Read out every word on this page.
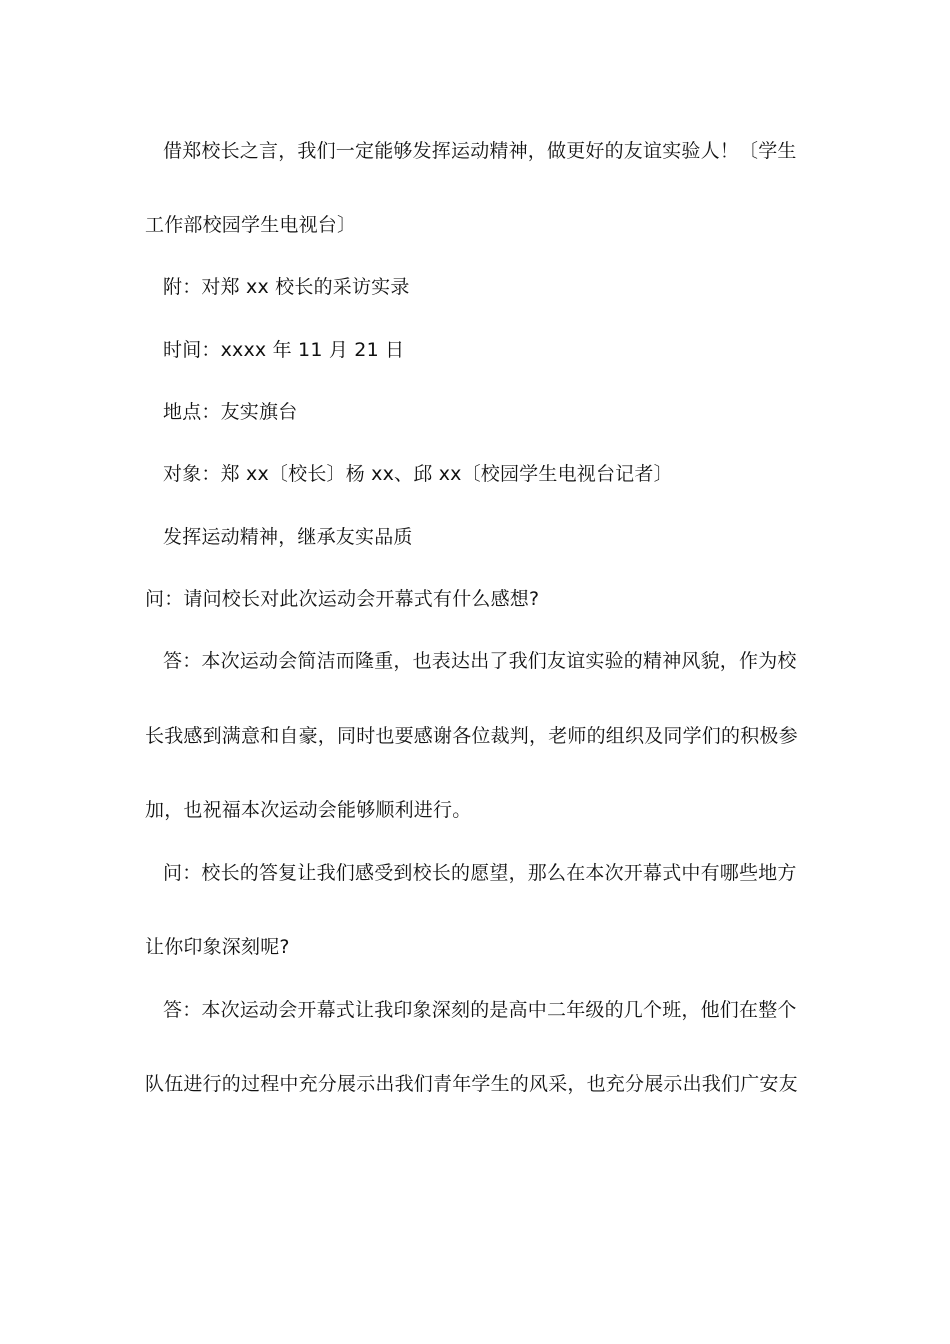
借郑校长之言，我们一定能够发挥运动精神，做更好的友谊实验人！〔学生
工作部校园学生电视台〕
附：对郑 xx 校长的采访实录
时间：xxxx 年 11 月 21 日
地点：友实旗台
对象：郑 xx〔校长〕杨 xx、邱 xx〔校园学生电视台记者〕
发挥运动精神，继承友实品质
问：请问校长对此次运动会开幕式有什么感想?
答：本次运动会简洁而隆重，也表达出了我们友谊实验的精神风貌，作为校
长我感到满意和自豪，同时也要感谢各位裁判，老师的组织及同学们的积极参
加，也祝福本次运动会能够顺利进行。
问：校长的答复让我们感受到校长的愿望，那么在本次开幕式中有哪些地方
让你印象深刻呢?
答：本次运动会开幕式让我印象深刻的是高中二年级的几个班，他们在整个
队伍进行的过程中充分展示出我们青年学生的风采，也充分展示出我们广安友
